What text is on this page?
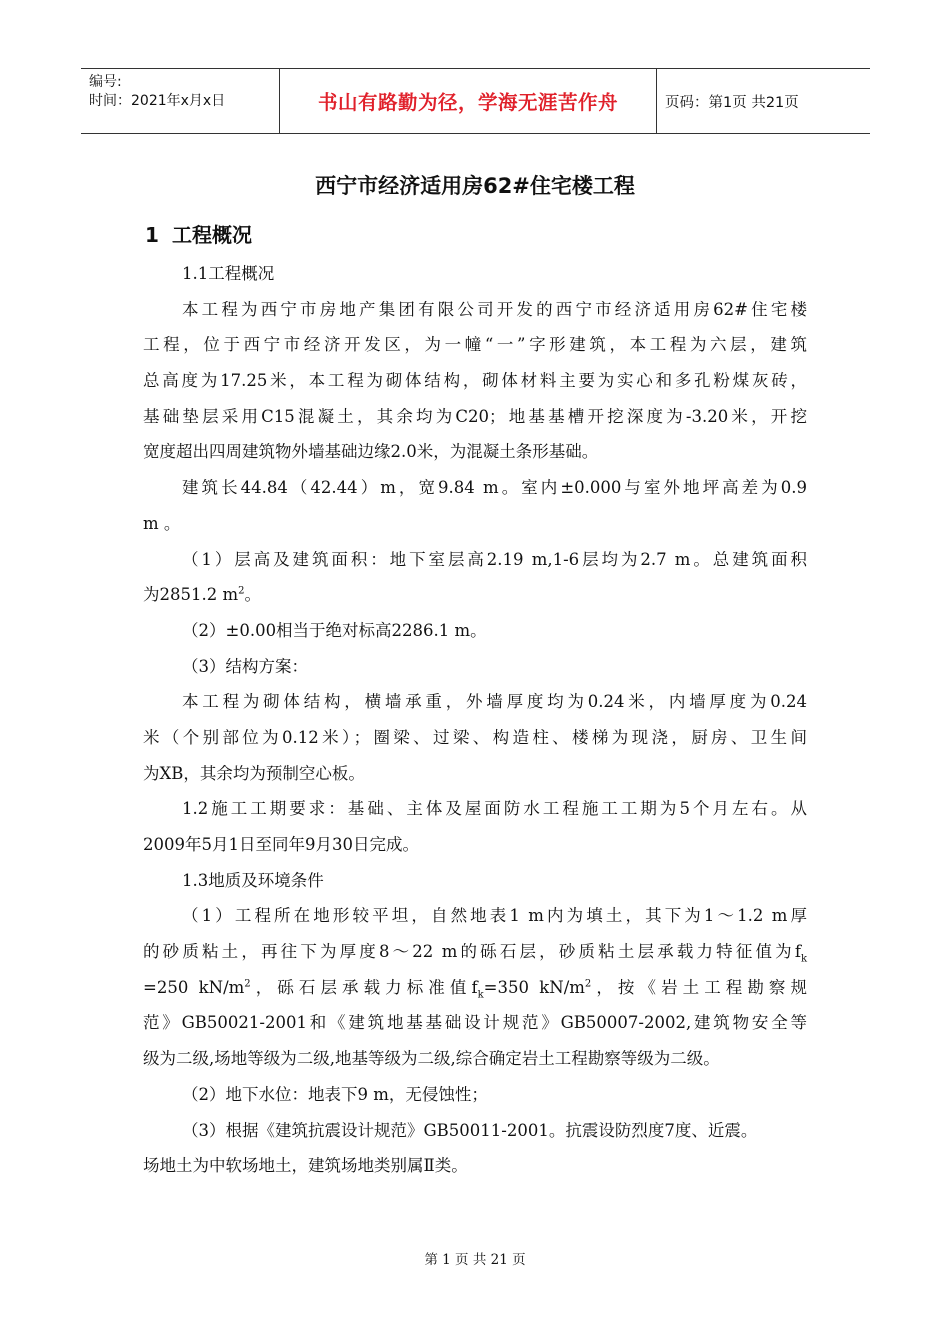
编号:
时间：2021年x月x日	书山有路勤为径，学海无涯苦作舟	页码：第1页 共21页
西宁市经济适用房62#住宅楼工程
1 工程概况
1.1工程概况
本工程为西宁市房地产集团有限公司开发的西宁市经济适用房62#住宅楼
工程，位于西宁市经济开发区，为一幢“一”字形建筑，本工程为六层，建筑
总高度为17.25米，本工程为砌体结构，砌体材料主要为实心和多孔粉煤灰砖，
基础垫层采用C15混凝土，其余均为C20；地基基槽开挖深度为-3.20米，开挖
宽度超出四周建筑物外墙基础边缘2.0米，为混凝土条形基础。
建筑长44.84（42.44）m，宽9.84 m。室内±0.000与室外地坪高差为0.9
m 。
（1）层高及建筑面积：地下室层高2.19 m,1-6层均为2.7 m。总建筑面积
为2851.2 $m^2$。
（2）±0.00相当于绝对标高2286.1 m。
（3）结构方案：
本工程为砌体结构，横墙承重，外墙厚度均为0.24米，内墙厚度为0.24
米（个别部位为0.12米）；圈梁、过梁、构造柱、楼梯为现浇，厨房、卫生间
为XB，其余均为预制空心板。
1.2施工工期要求：基础、主体及屋面防水工程施工工期为5个月左右。从
2009年5月1日至同年9月30日完成。
1.3地质及环境条件
（1）工程所在地形较平坦，自然地表1 m内为填土，其下为1～1.2 m厚
的砂质粘土，再往下为厚度8～22 m的砾石层，砂质粘土层承载力特征值为$f_k$
=250 $kN/m^2$，砾石层承载力标准值$f_k=350$ $kN/m^2$，按《岩土工程勘察规
范》GB50021-2001和《建筑地基基础设计规范》GB50007-2002,建筑物安全等
级为二级,场地等级为二级,地基等级为二级,综合确定岩土工程勘察等级为二级。
（2）地下水位：地表下9 m，无侵蚀性；
（3）根据《建筑抗震设计规范》GB50011-2001。抗震设防烈度7度、近震。
场地土为中软场地土，建筑场地类别属Ⅱ类。
第 1 页 共 21 页
